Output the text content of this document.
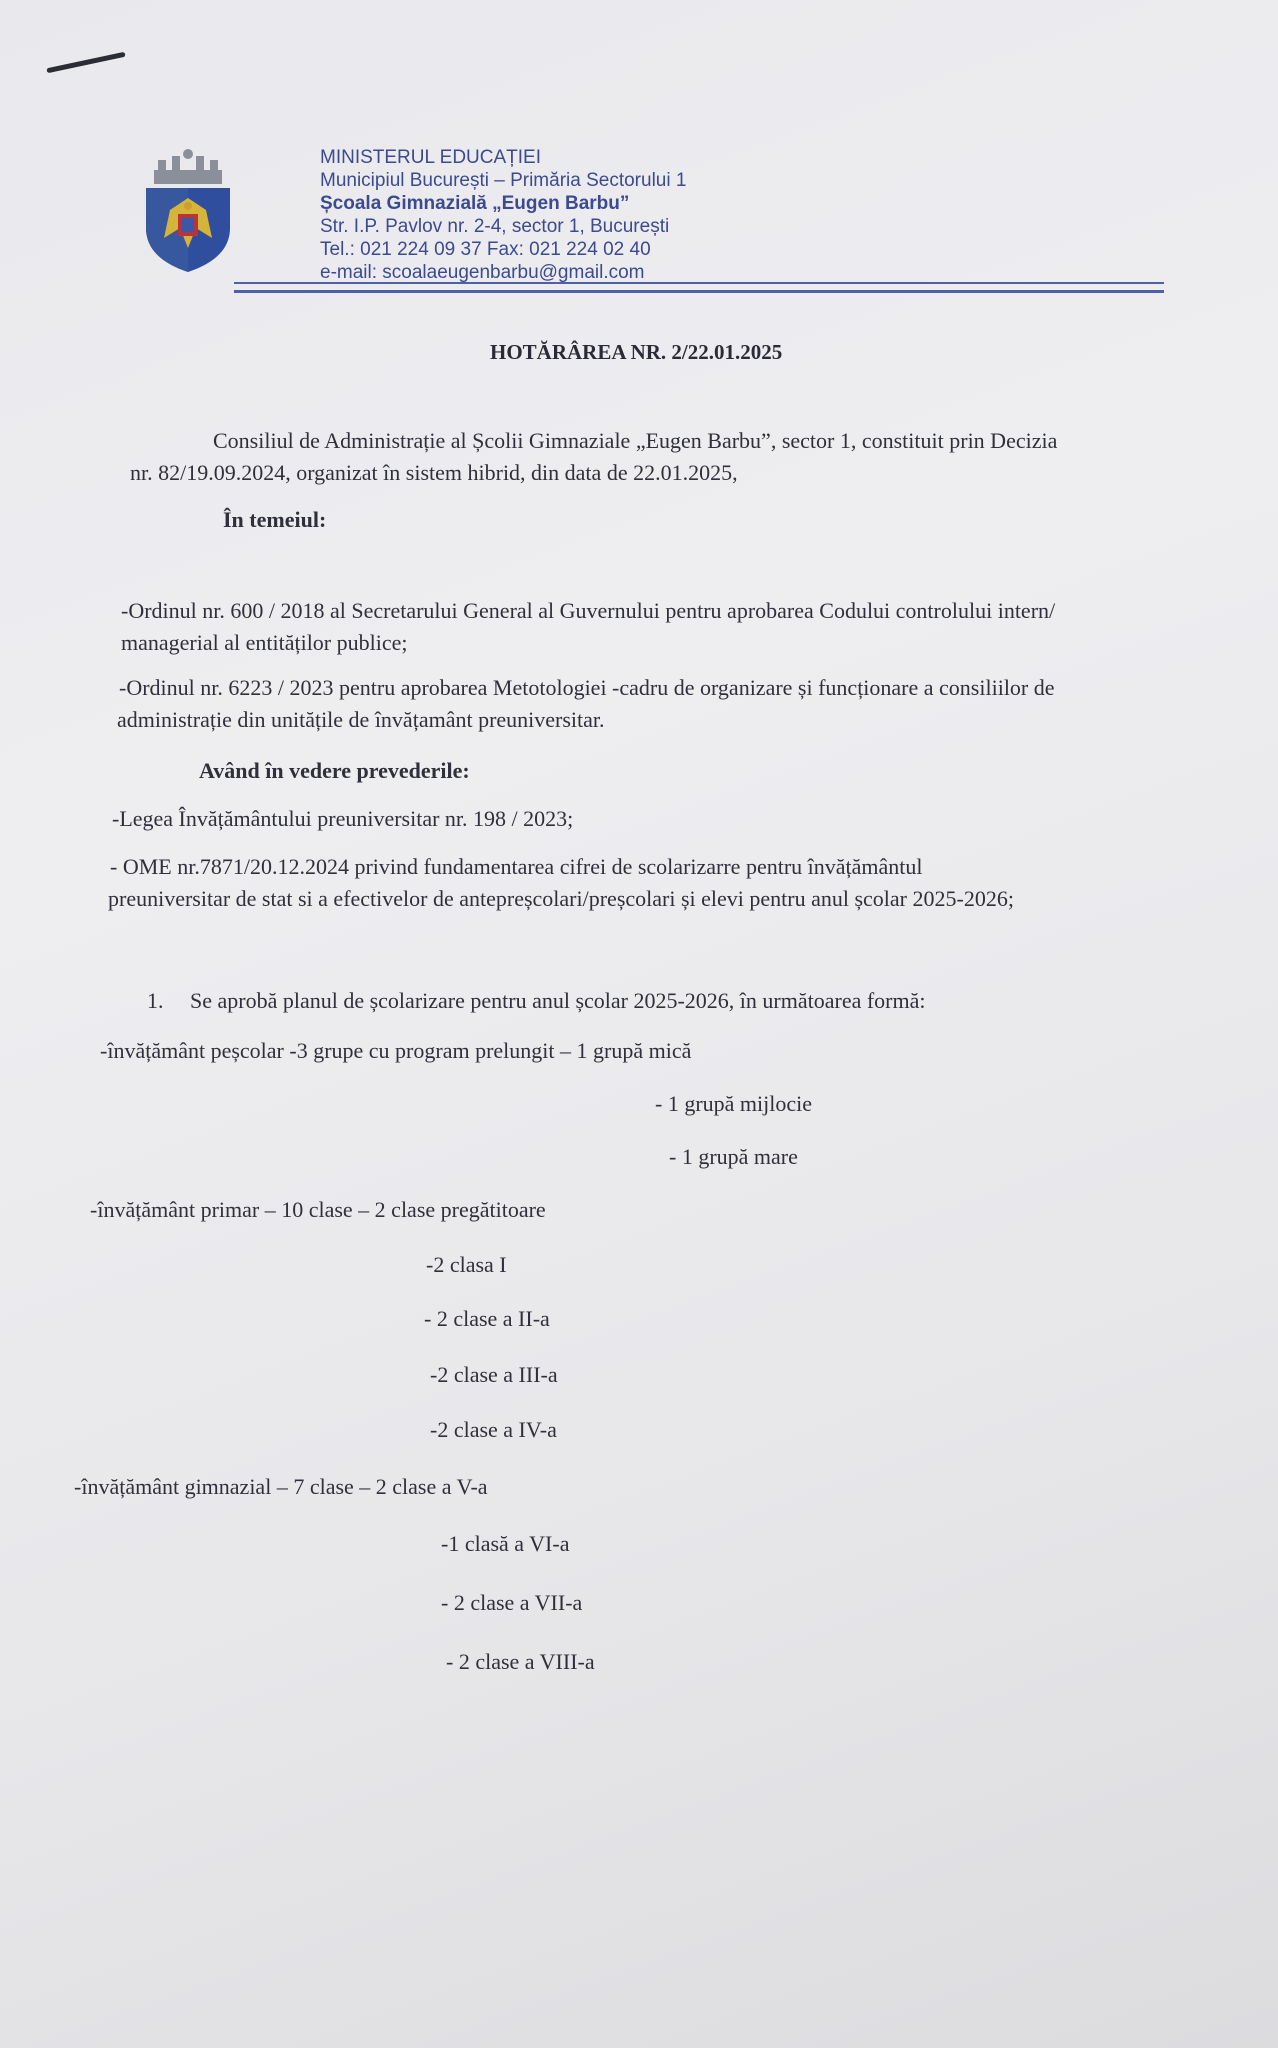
MINISTERUL EDUCAȚIEI
Municipiul București – Primăria Sectorului 1
Școala Gimnazială „Eugen Barbu”
Str. I.P. Pavlov nr. 2-4, sector 1, București
Tel.: 021 224 09 37 Fax: 021 224 02 40
e-mail: scoalaeugenbarbu@gmail.com
HOTĂRÂREA NR. 2/22.01.2025
Consiliul de Administrație al Școlii Gimnaziale „Eugen Barbu”, sector 1, constituit prin Decizia
nr. 82/19.09.2024, organizat în sistem hibrid, din data de 22.01.2025,
În temeiul:
-Ordinul nr. 600 / 2018 al Secretarului General al Guvernului pentru aprobarea Codului controlului intern/
managerial al entităților publice;
-Ordinul nr. 6223 / 2023 pentru aprobarea Metotologiei -cadru de organizare și funcționare a consiliilor de
administrație din unitățile de învățamânt preuniversitar.
Având în vedere prevederile:
-Legea Învățământului preuniversitar nr. 198 / 2023;
- OME nr.7871/20.12.2024 privind fundamentarea cifrei de scolarizarre pentru învățământul
preuniversitar de stat si a efectivelor de antepreșcolari/preșcolari și elevi pentru anul școlar 2025-2026;
1. Se aprobă planul de școlarizare pentru anul școlar 2025-2026, în următoarea formă:
-învățământ peșcolar -3 grupe cu program prelungit – 1 grupă mică
- 1 grupă mijlocie
- 1 grupă mare
-învățământ primar – 10 clase – 2 clase pregătitoare
-2 clasa I
- 2 clase a II-a
-2 clase a III-a
-2 clase a IV-a
-învățământ gimnazial – 7 clase – 2 clase a V-a
-1 clasă a VI-a
- 2 clase a VII-a
- 2 clase a VIII-a
